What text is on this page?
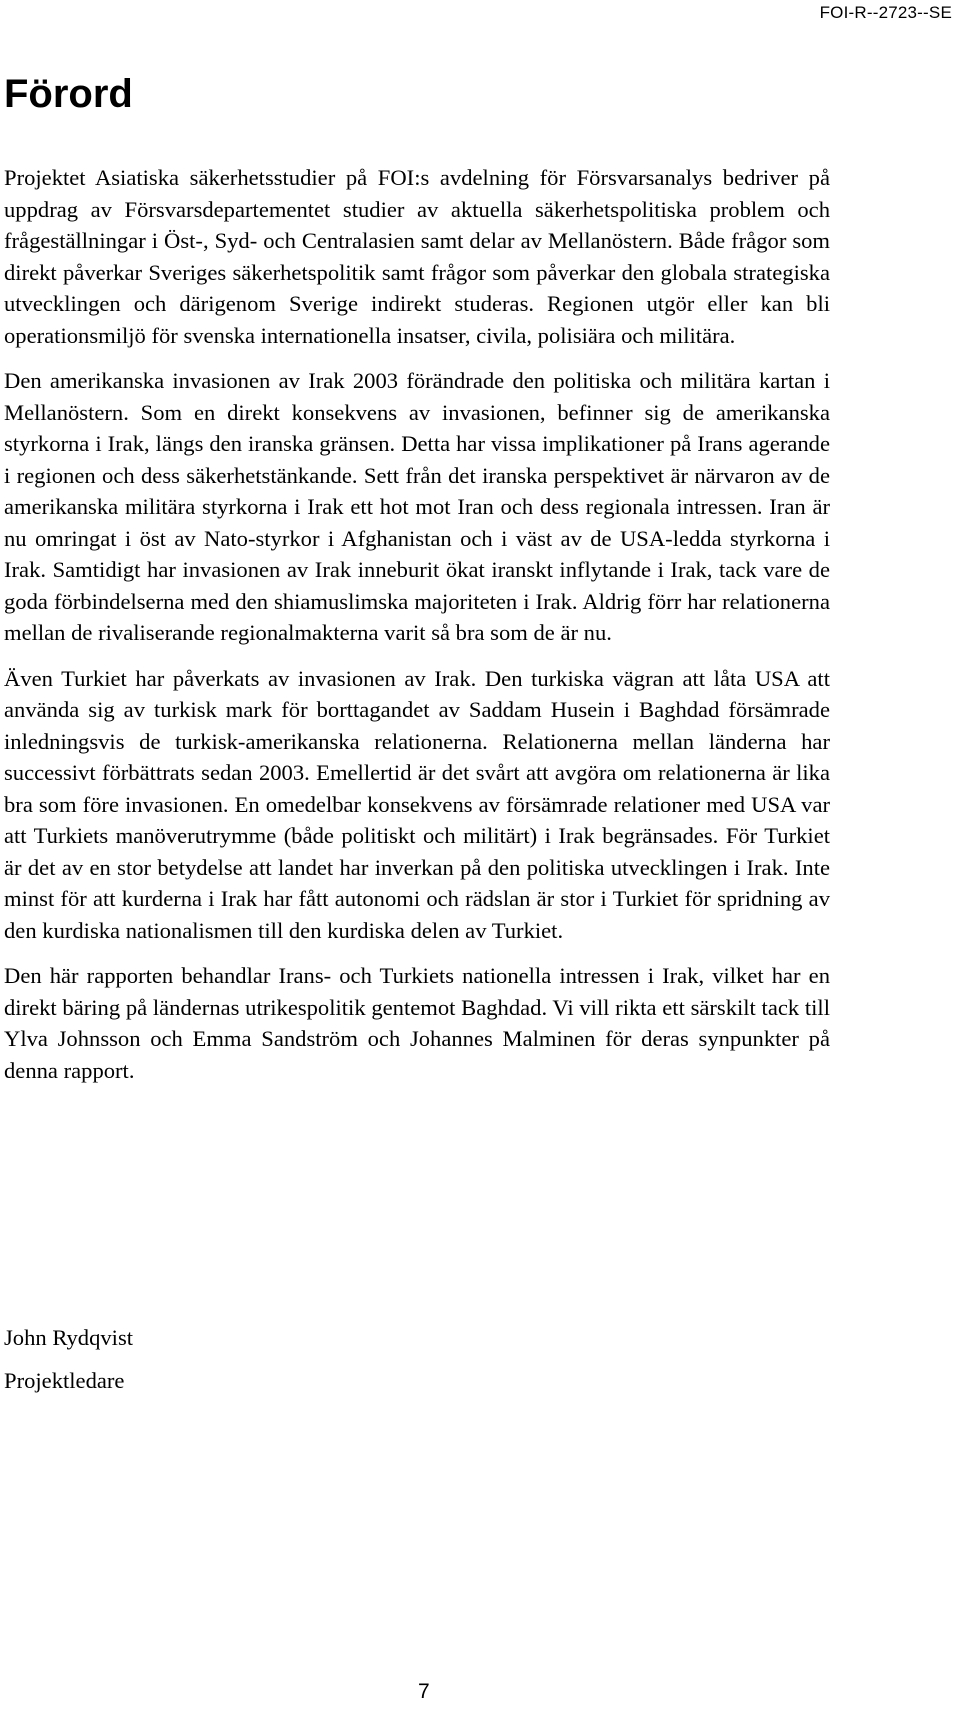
FOI-R--2723--SE
Förord

Projektet Asiatiska säkerhetsstudier på FOI:s avdelning för Försvarsanalys bedriver på uppdrag av Försvarsdepartementet studier av aktuella säkerhetspolitiska problem och frågeställningar i Öst-, Syd- och Centralasien samt delar av Mellanöstern. Både frågor som direkt påverkar Sveriges säkerhetspolitik samt frågor som påverkar den globala strategiska utvecklingen och därigenom Sverige indirekt studeras. Regionen utgör eller kan bli operationsmiljö för svenska internationella insatser, civila, polisiära och militära.

Den amerikanska invasionen av Irak 2003 förändrade den politiska och militära kartan i Mellanöstern. Som en direkt konsekvens av invasionen, befinner sig de amerikanska styrkorna i Irak, längs den iranska gränsen. Detta har vissa implikationer på Irans agerande i regionen och dess säkerhetstänkande. Sett från det iranska perspektivet är närvaron av de amerikanska militära styrkorna i Irak ett hot mot Iran och dess regionala intressen. Iran är nu omringat i öst av Nato-styrkor i Afghanistan och i väst av de USA-ledda styrkorna i Irak. Samtidigt har invasionen av Irak inneburit ökat iranskt inflytande i Irak, tack vare de goda förbindelserna med den shiamuslimska majoriteten i Irak. Aldrig förr har relationerna mellan de rivaliserande regionalmakterna varit så bra som de är nu.

Även Turkiet har påverkats av invasionen av Irak. Den turkiska vägran att låta USA att använda sig av turkisk mark för borttagandet av Saddam Husein i Baghdad försämrade inledningsvis de turkisk-amerikanska relationerna. Relationerna mellan länderna har successivt förbättrats sedan 2003. Emellertid är det svårt att avgöra om relationerna är lika bra som före invasionen. En omedelbar konsekvens av försämrade relationer med USA var att Turkiets manöverutrymme (både politiskt och militärt) i Irak begränsades. För Turkiet är det av en stor betydelse att landet har inverkan på den politiska utvecklingen i Irak. Inte minst för att kurderna i Irak har fått autonomi och rädslan är stor i Turkiet för spridning av den kurdiska nationalismen till den kurdiska delen av Turkiet.

Den här rapporten behandlar Irans- och Turkiets nationella intressen i Irak, vilket har en direkt bäring på ländernas utrikespolitik gentemot Baghdad. Vi vill rikta ett särskilt tack till Ylva Johnsson och Emma Sandström och Johannes Malminen för deras synpunkter på denna rapport.

John Rydqvist

Projektledare

7
